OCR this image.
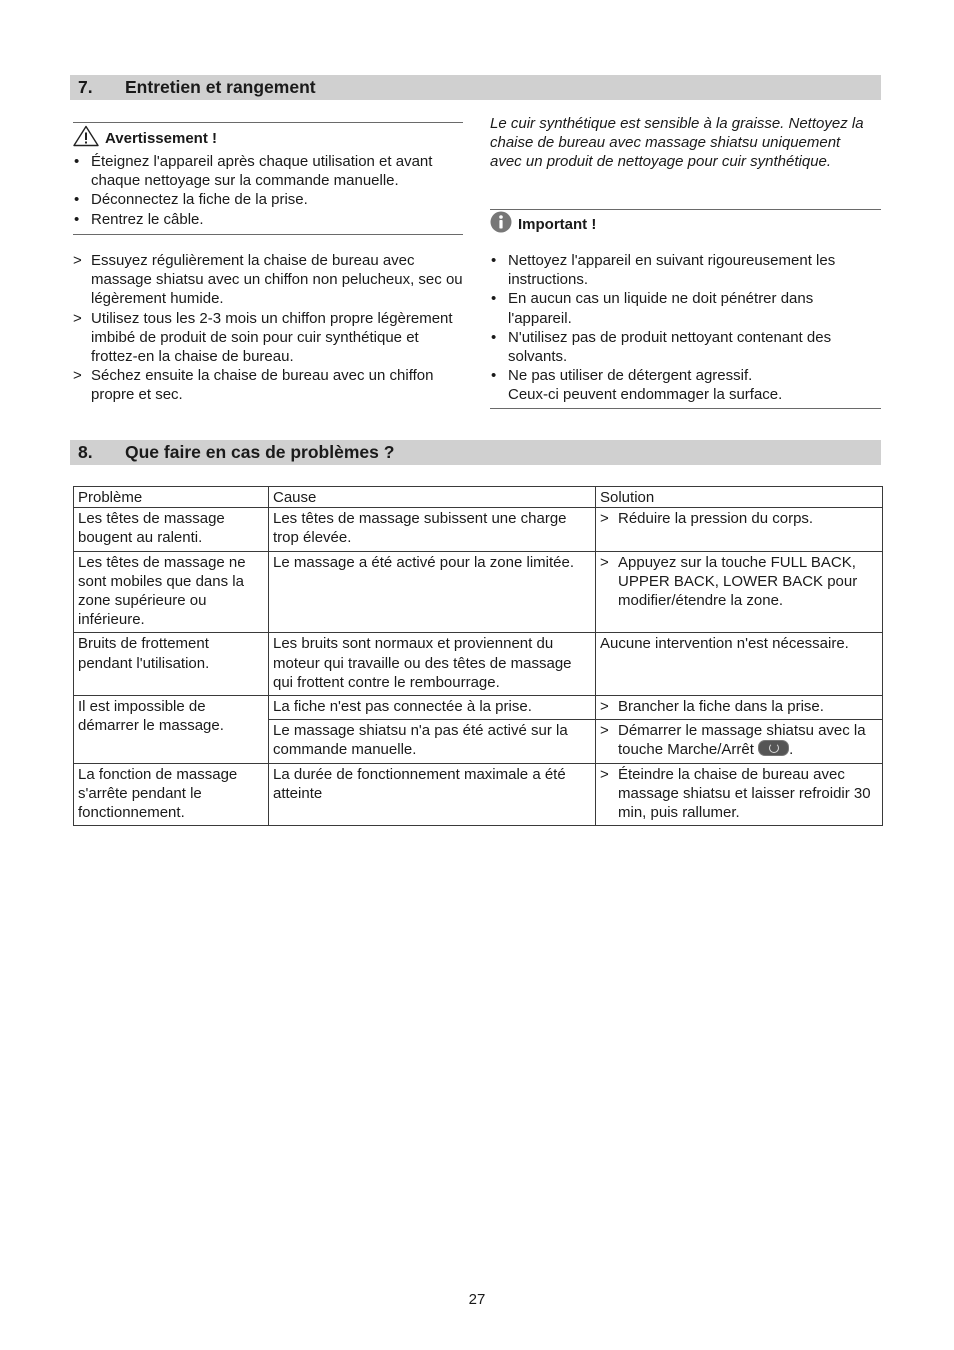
7. Entretien et rangement
Avertissement !
• Éteignez l'appareil après chaque utilisation et avant chaque nettoyage sur la commande manuelle.
• Déconnectez la fiche de la prise.
• Rentrez le câble.
> Essuyez régulièrement la chaise de bureau avec massage shiatsu avec un chiffon non pelucheux, sec ou légèrement humide.
> Utilisez tous les 2-3 mois un chiffon propre légèrement imbibé de produit de soin pour cuir synthétique et frottez-en la chaise de bureau.
> Séchez ensuite la chaise de bureau avec un chiffon propre et sec.
Le cuir synthétique est sensible à la graisse. Nettoyez la chaise de bureau avec massage shiatsu uniquement avec un produit de nettoyage pour cuir synthétique.
Important !
• Nettoyez l'appareil en suivant rigoureusement les instructions.
• En aucun cas un liquide ne doit pénétrer dans l'appareil.
• N'utilisez pas de produit nettoyant contenant des solvants.
• Ne pas utiliser de détergent agressif.
Ceux-ci peuvent endommager la surface.
8. Que faire en cas de problèmes ?
Problème	Cause	Solution
Les têtes de massage bougent au ralenti.	Les têtes de massage subissent une charge trop élevée.	> Réduire la pression du corps.

Les têtes de massage ne sont mobiles que dans la zone supérieure ou inférieure.	Le massage a été activé pour la zone limitée.	> Appuyez sur la touche FULL BACK, UPPER BACK, LOWER BACK pour modifier/étendre la zone.

Bruits de frottement pendant l'utilisation.	Les bruits sont normaux et proviennent du moteur qui travaille ou des têtes de massage qui frottent contre le rembourrage.	Aucune intervention n'est nécessaire.
Il est impossible de démarrer le massage.	La fiche n'est pas connectée à la prise.	> Brancher la fiche dans la prise.

	Le massage shiatsu n'a pas été activé sur la commande manuelle.	> Démarrer le massage shiatsu avec la touche Marche/Arrêt .

La fonction de massage s'arrête pendant le fonctionnement.	La durée de fonctionnement maximale a été atteinte	> Éteindre la chaise de bureau avec massage shiatsu et laisser refroidir 30 min, puis rallumer.
27
